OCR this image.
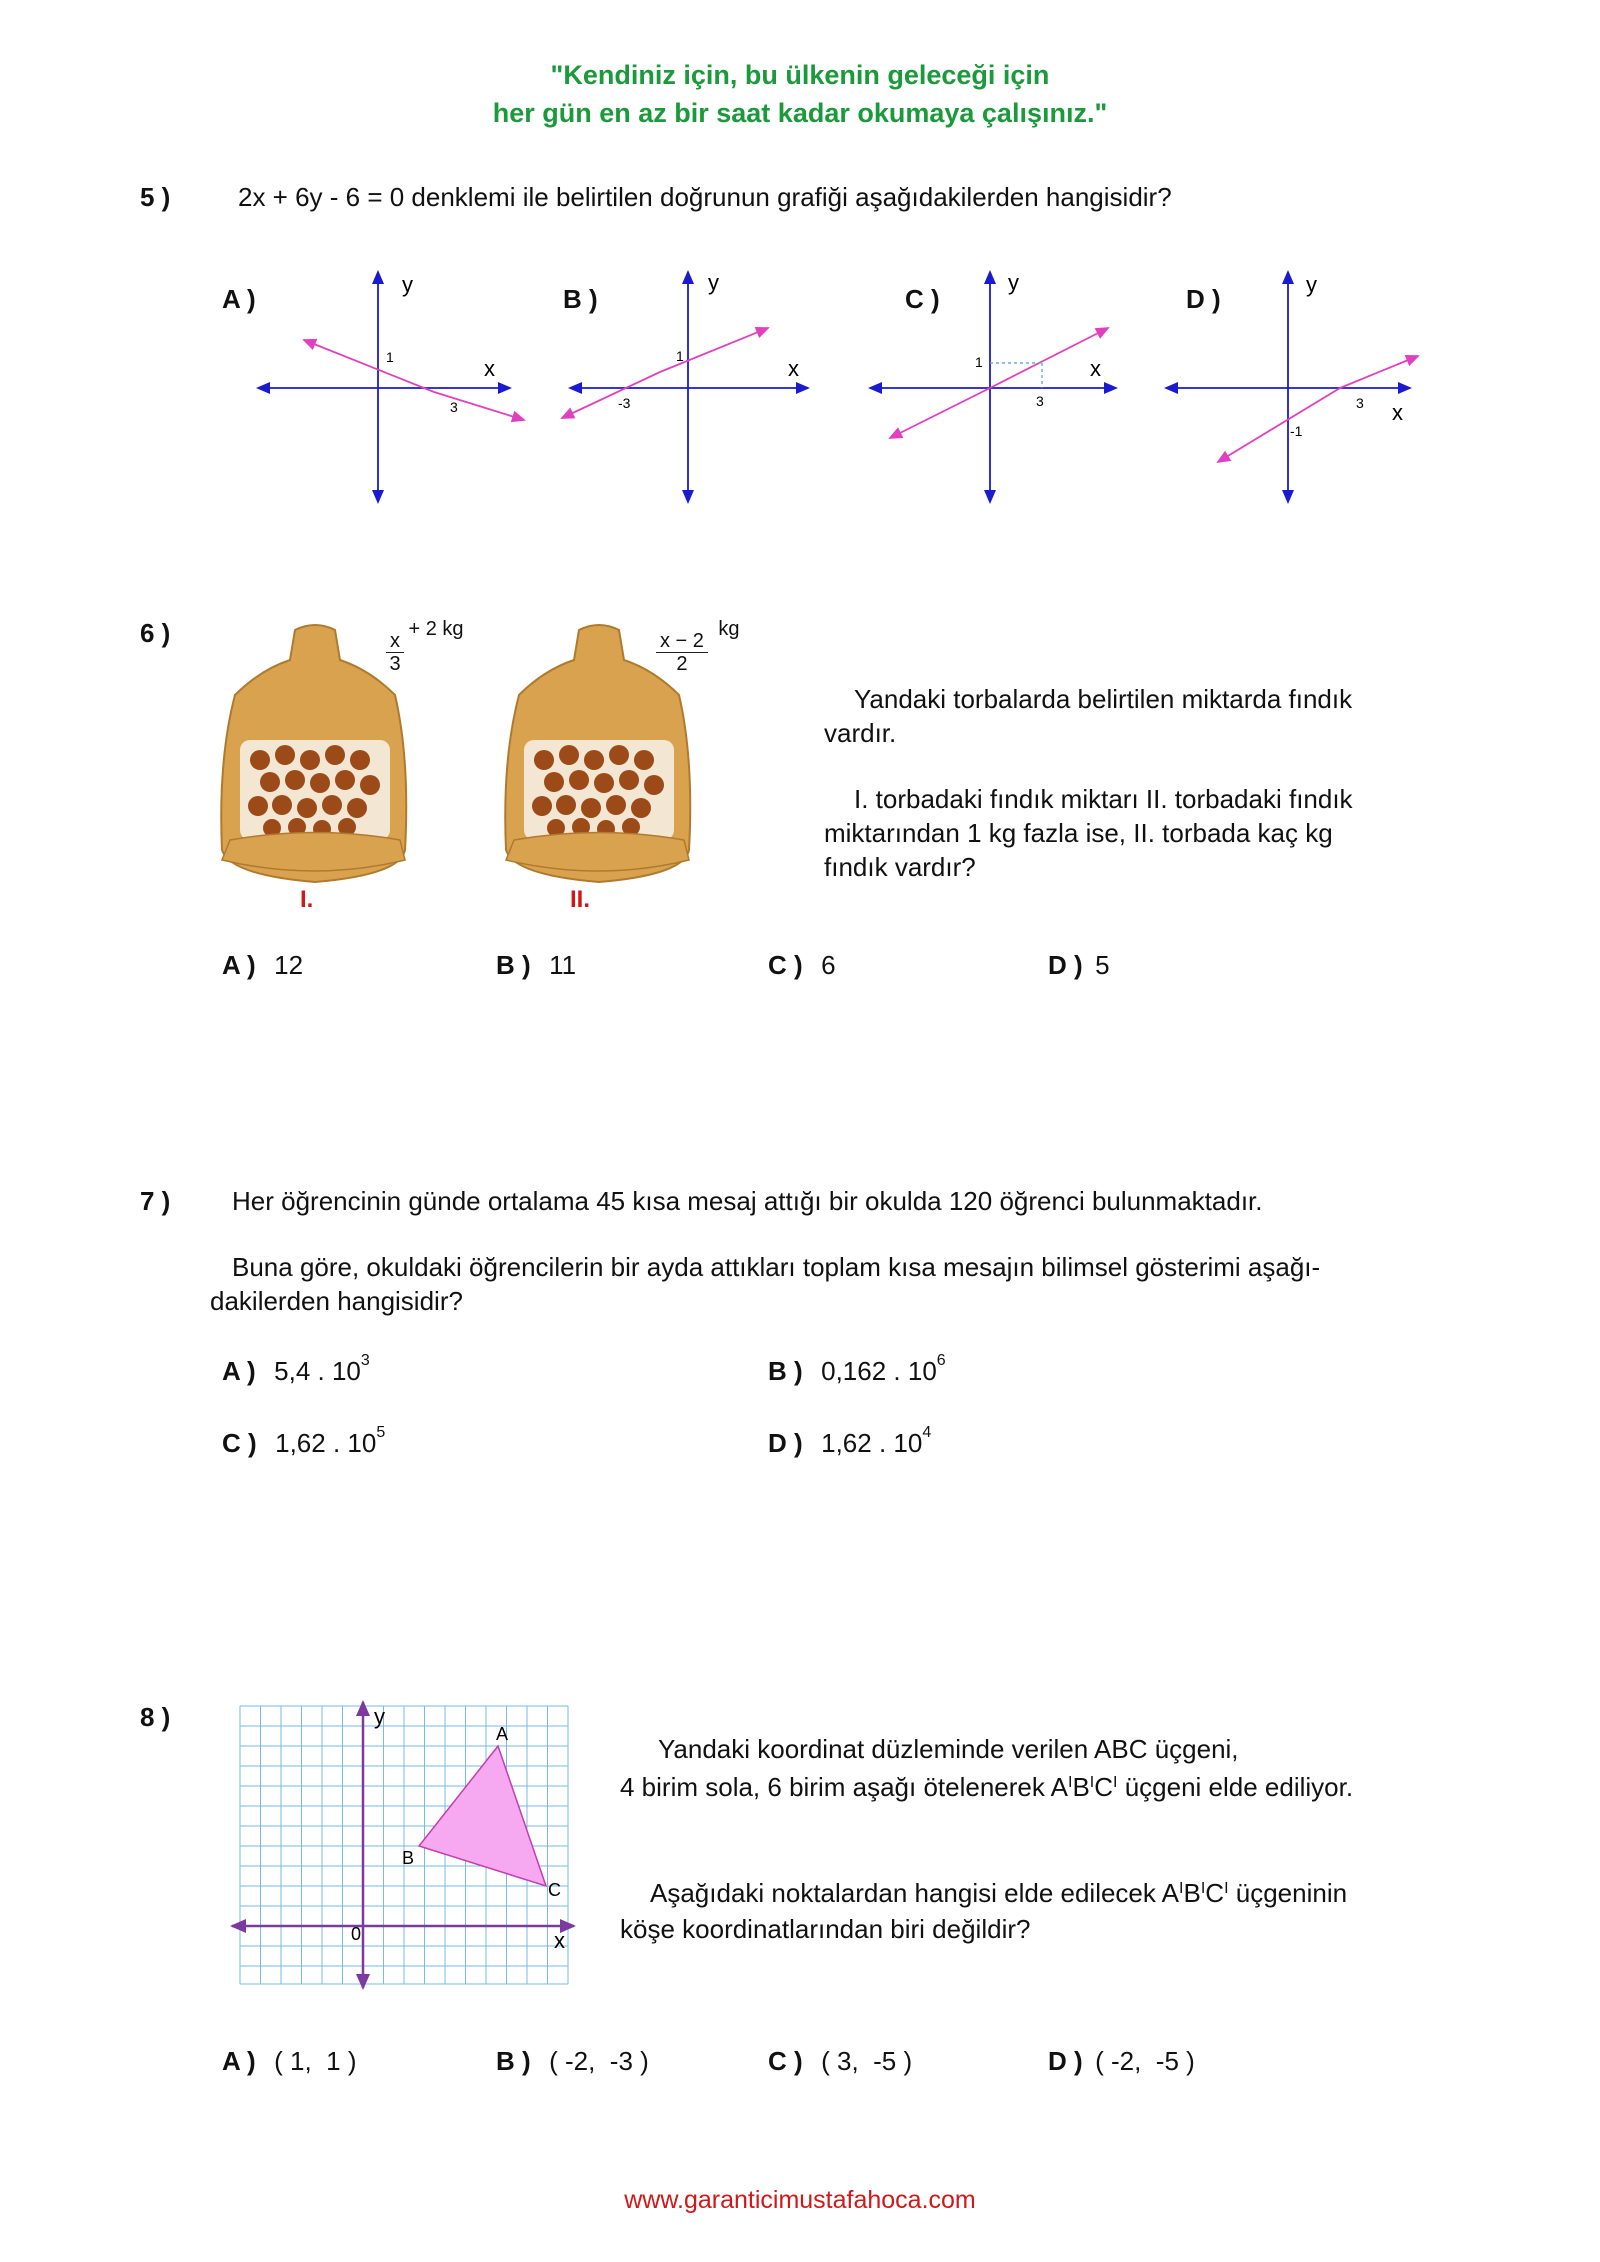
"Kendiniz için, bu ülkenin geleceği için
her gün en az bir saat kadar okumaya çalışınız."
5 )	2x + 6y - 6 = 0 denklemi ile belirtilen doğrunun grafiği aşağıdakilerden hangisidir?
A )	B )	C )	D )
y
x
1
3
y
x
1
-3
y
x
1
3
y
x
-1
3
6 )	$\frac{x}{3}$
+ 2 kg
I.
$\frac{x - 2}{2}$
kg
II.
Yandaki torbalarda belirtilen miktarda fındık
vardır.
I. torbadaki fındık miktarı II. torbadaki fındık
miktarından 1 kg fazla ise, II. torbada kaç kg
fındık vardır?
A ) 12	B ) 11	C ) 6	D ) 5
7 ) Her öğrencinin günde ortalama 45 kısa mesaj attığı bir okulda 120 öğrenci bulunmaktadır.
Buna göre, okuldaki öğrencilerin bir ayda attıkları toplam kısa mesajın bilimsel gösterimi aşağı-
dakilerden hangisidir?
A ) 5,4 . $10^3$	B ) 0,162 . $10^6$
C ) 1,62 . $10^5$	D ) 1,62 . $10^4$
8 )	y
x
0
A
B
C
Yandaki koordinat düzleminde verilen ABC üçgeni,
4 birim sola, 6 birim aşağı ötelenerek $A^IB^IC^I$ üçgeni elde ediliyor.
Aşağıdaki noktalardan hangisi elde edilecek $A^IB^IC^I$ üçgeninin
köşe koordinatlarından biri değildir?
A ) ( 1,  1 )	B ) ( -2,  -3 )	C ) ( 3,  -5 )	D ) ( -2,  -5 )
www.garanticimustafahoca.com
